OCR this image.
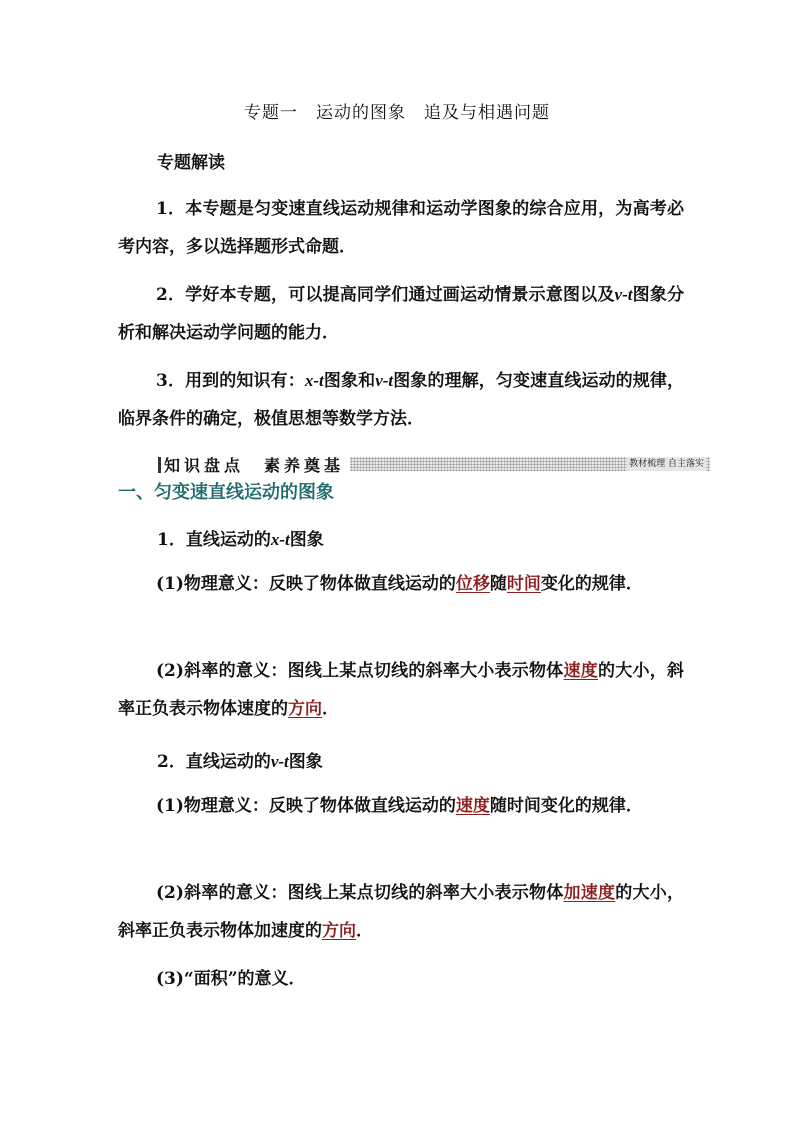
专题一　运动的图象　追及与相遇问题
专题解读

1．本专题是匀变速直线运动规律和运动学图象的综合应用，为高考必考内容，多以选择题形式命题．

2．学好本专题，可以提高同学们通过画运动情景示意图以及v-t图象分析和解决运动学问题的能力．

3．用到的知识有：x-t图象和v-t图象的理解，匀变速直线运动的规律，临界条件的确定，极值思想等数学方法．

知识盘点　素养奠基	教材梳理 自主落实
一、匀变速直线运动的图象
1．直线运动的x-t图象

(1)物理意义：反映了物体做直线运动的位移随时间变化的规律．

(2)斜率的意义：图线上某点切线的斜率大小表示物体速度的大小，斜率正负表示物体速度的方向．

2．直线运动的v-t图象

(1)物理意义：反映了物体做直线运动的速度随时间变化的规律．

(2)斜率的意义：图线上某点切线的斜率大小表示物体加速度的大小，斜率正负表示物体加速度的方向．

(3)“面积”的意义．
